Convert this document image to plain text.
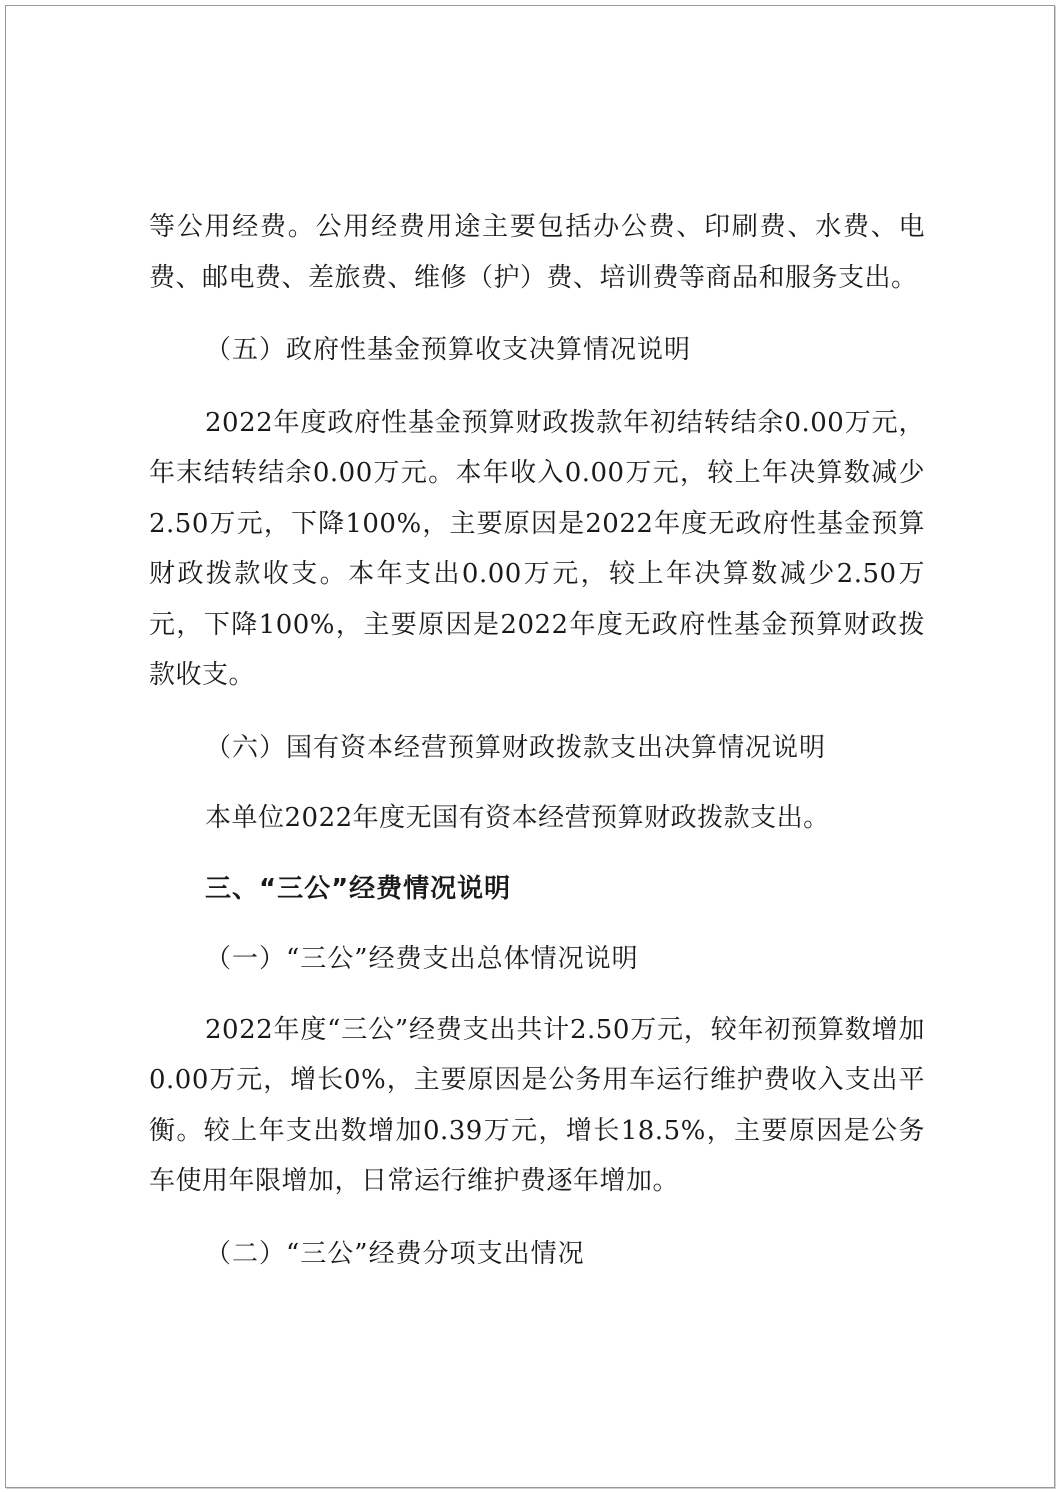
等公用经费。公用经费用途主要包括办公费、印刷费、水费、电费、邮电费、差旅费、维修（护）费、培训费等商品和服务支出。

（五）政府性基金预算收支决算情况说明

2022年度政府性基金预算财政拨款年初结转结余0.00万元，年末结转结余0.00万元。本年收入0.00万元，较上年决算数减少2.50万元，下降100%，主要原因是2022年度无政府性基金预算财政拨款收支。本年支出0.00万元，较上年决算数减少2.50万元，下降100%，主要原因是2022年度无政府性基金预算财政拨款收支。

（六）国有资本经营预算财政拨款支出决算情况说明

本单位2022年度无国有资本经营预算财政拨款支出。

三、“三公”经费情况说明

（一）“三公”经费支出总体情况说明

2022年度“三公”经费支出共计2.50万元，较年初预算数增加0.00万元，增长0%，主要原因是公务用车运行维护费收入支出平衡。较上年支出数增加0.39万元，增长18.5%，主要原因是公务车使用年限增加，日常运行维护费逐年增加。

（二）“三公”经费分项支出情况
